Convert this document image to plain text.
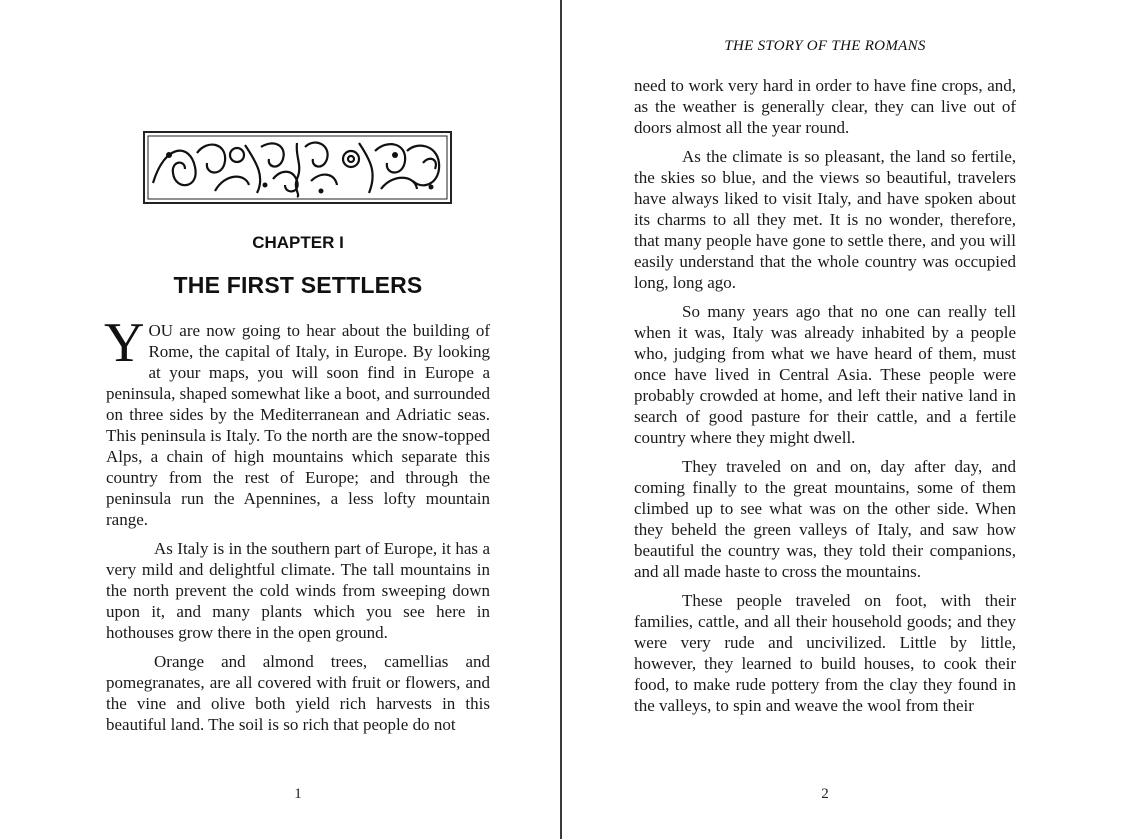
CHAPTER I
THE FIRST SETTLERS

YOU are now going to hear about the building of Rome, the capital of Italy, in Europe. By looking at your maps, you will soon find in Europe a peninsula, shaped somewhat like a boot, and surrounded on three sides by the Mediterranean and Adriatic seas. This peninsula is Italy. To the north are the snow-topped Alps, a chain of high mountains which separate this country from the rest of Europe; and through the peninsula run the Apennines, a less lofty mountain range.

As Italy is in the southern part of Europe, it has a very mild and delightful climate. The tall mountains in the north prevent the cold winds from sweeping down upon it, and many plants which you see here in hothouses grow there in the open ground.

Orange and almond trees, camellias and pomegranates, are all covered with fruit or flowers, and the vine and olive both yield rich harvests in this beautiful land. The soil is so rich that people do not

1
THE STORY OF THE ROMANS

need to work very hard in order to have fine crops, and, as the weather is generally clear, they can live out of doors almost all the year round.

As the climate is so pleasant, the land so fertile, the skies so blue, and the views so beautiful, travelers have always liked to visit Italy, and have spoken about its charms to all they met. It is no wonder, therefore, that many people have gone to settle there, and you will easily understand that the whole country was occupied long, long ago.

So many years ago that no one can really tell when it was, Italy was already inhabited by a people who, judging from what we have heard of them, must once have lived in Central Asia. These people were probably crowded at home, and left their native land in search of good pasture for their cattle, and a fertile country where they might dwell.

They traveled on and on, day after day, and coming finally to the great mountains, some of them climbed up to see what was on the other side. When they beheld the green valleys of Italy, and saw how beautiful the country was, they told their companions, and all made haste to cross the mountains.

These people traveled on foot, with their families, cattle, and all their household goods; and they were very rude and uncivilized. Little by little, however, they learned to build houses, to cook their food, to make rude pottery from the clay they found in the valleys, to spin and weave the wool from their

2
